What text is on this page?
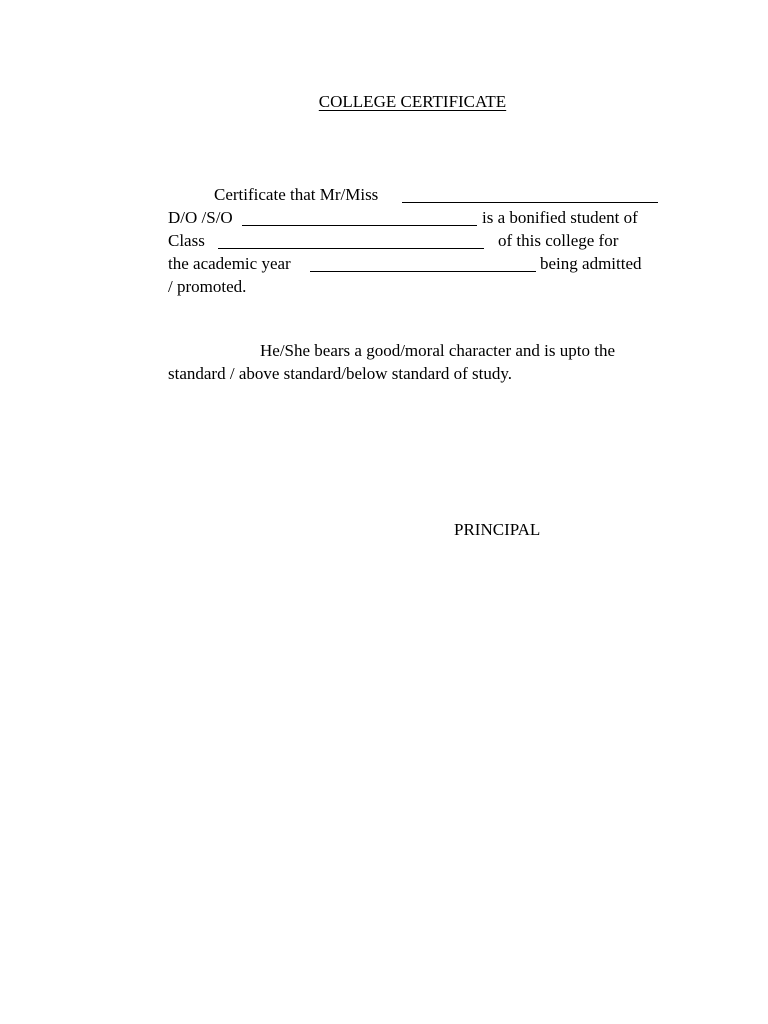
COLLEGE CERTIFICATE
Certificate that Mr/Miss
D/O /S/O	is a bonified student of
Class	of this college for
the academic year	being admitted
/ promoted.
He/She bears a good/moral character and is upto the
standard / above standard/below standard of study.
PRINCIPAL
